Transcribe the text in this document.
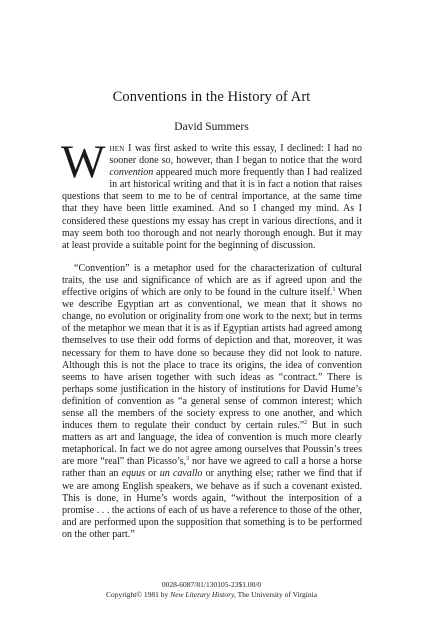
Conventions in the History of Art
David Summers

When I was first asked to write this essay, I declined: I had no sooner done so, however, than I began to notice that the word convention appeared much more frequently than I had realized in art historical writing and that it is in fact a notion that raises questions that seem to me to be of central importance, at the same time that they have been little examined. And so I changed my mind. As I considered these questions my essay has crept in various directions, and it may seem both too thorough and not nearly thorough enough. But it may at least provide a suitable point for the beginning of discussion.

“Convention” is a metaphor used for the characterization of cultural traits, the use and significance of which are as if agreed upon and the effective origins of which are only to be found in the culture itself.$^1$ When we describe Egyptian art as conventional, we mean that it shows no change, no evolution or originality from one work to the next; but in terms of the metaphor we mean that it is as if Egyptian artists had agreed among themselves to use their odd forms of depiction and that, moreover, it was necessary for them to have done so because they did not look to nature. Although this is not the place to trace its origins, the idea of convention seems to have arisen together with such ideas as “contract.” There is perhaps some justification in the history of institutions for David Hume’s definition of convention as “a general sense of common interest; which sense all the members of the society express to one another, and which induces them to regulate their conduct by certain rules.”$^2$ But in such matters as art and language, the idea of convention is much more clearly metaphorical. In fact we do not agree among ourselves that Poussin’s trees are more “real” than Picasso’s,$^3$ nor have we agreed to call a horse a horse rather than an equus or un cavallo or anything else; rather we find that if we are among English speakers, we behave as if such a covenant existed. This is done, in Hume’s words again, “without the interposition of a promise . . . the actions of each of us have a reference to those of the other, and are performed upon the supposition that something is to be performed on the other part.”

0028-6087/81/130105-23$1.00/0
Copyright© 1981 by New Literary History, The University of Virginia
